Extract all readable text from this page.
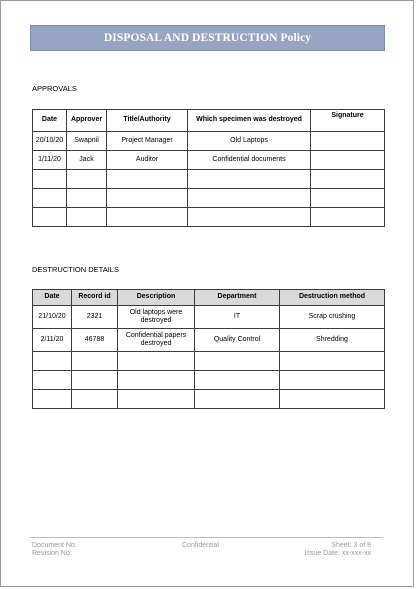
DISPOSAL AND DESTRUCTION Policy
APPROVALS
Date	Approver	Title/Authority	Which specimen was destroyed	Signature
20/10/20	Swapnil	Project Manager	Old Laptops	
1/11/20	Jack	Auditor	Confidential documents	

DESTRUCTION DETAILS
Date	Record id	Description	Department	Destruction method
21/10/20	2321	Old laptops were destroyed	IT	Scrap crushing
2/11/20	46788	Confidential papers destroyed	Quality Control	Shredding

Document No:
Revision No:
Confidential	Sheet: 3 of 8
Issue Date: xx-xxx-xx
